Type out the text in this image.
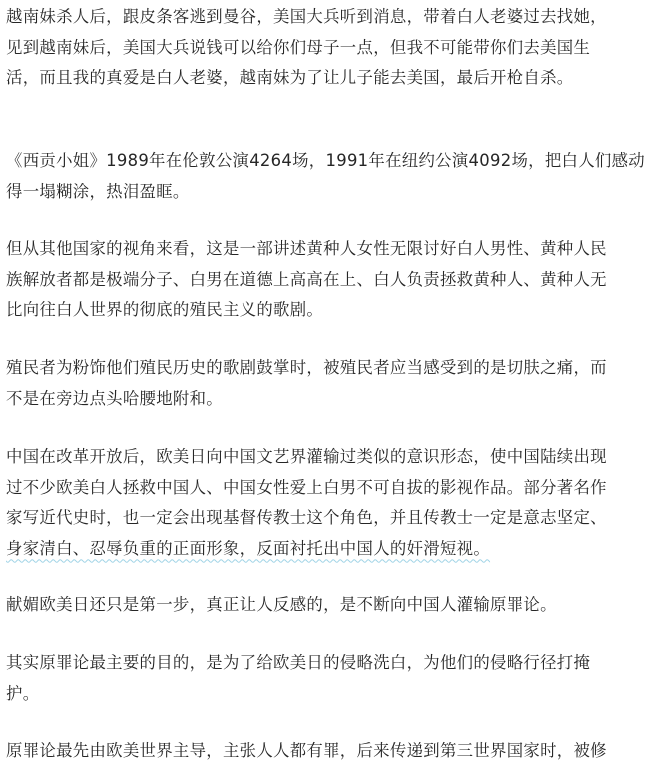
越南妹杀人后，跟皮条客逃到曼谷，美国大兵听到消息，带着白人老婆过去找她，
见到越南妹后，美国大兵说钱可以给你们母子一点，但我不可能带你们去美国生
活，而且我的真爱是白人老婆，越南妹为了让儿子能去美国，最后开枪自杀。
《西贡小姐》1989年在伦敦公演4264场，1991年在纽约公演4092场，把白人们感动
得一塌糊涂，热泪盈眶。
但从其他国家的视角来看，这是一部讲述黄种人女性无限讨好白人男性、黄种人民
族解放者都是极端分子、白男在道德上高高在上、白人负责拯救黄种人、黄种人无
比向往白人世界的彻底的殖民主义的歌剧。
殖民者为粉饰他们殖民历史的歌剧鼓掌时，被殖民者应当感受到的是切肤之痛，而
不是在旁边点头哈腰地附和。
中国在改革开放后，欧美日向中国文艺界灌输过类似的意识形态，使中国陆续出现
过不少欧美白人拯救中国人、中国女性爱上白男不可自拔的影视作品。部分著名作
家写近代史时，也一定会出现基督传教士这个角色，并且传教士一定是意志坚定、
身家清白、忍辱负重的正面形象，反面衬托出中国人的奸滑短视。
献媚欧美日还只是第一步，真正让人反感的，是不断向中国人灌输原罪论。
其实原罪论最主要的目的，是为了给欧美日的侵略洗白，为他们的侵略行径打掩
护。
原罪论最先由欧美世界主导，主张人人都有罪，后来传递到第三世界国家时，被修
